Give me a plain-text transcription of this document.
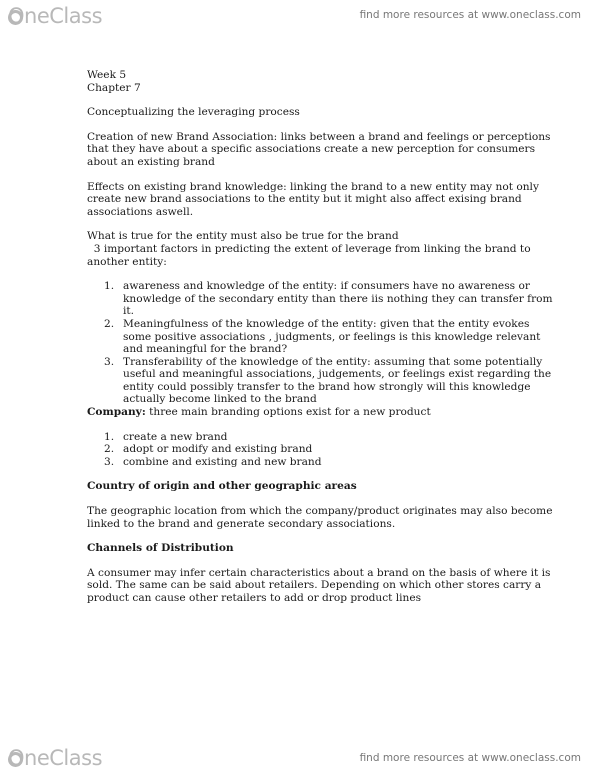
OneClass	find more resources at www.oneclass.com

Week 5

Chapter 7

Conceptualizing the leveraging process

Creation of new Brand Association: links between a brand and feelings or perceptions that they have about a specific associations create a new perception for consumers about an existing brand

Effects on existing brand knowledge: linking the brand to a new entity may not only create new brand associations to the entity but it might also affect exising brand associations aswell.

What is true for the entity must also be true for the brand

3 important factors in predicting the extent of leverage from linking the brand to another entity:

1. awareness and knowledge of the entity: if consumers have no awareness or knowledge of the secondary entity than there iis nothing they can transfer from it.
2. Meaningfulness of the knowledge of the entity: given that the entity evokes some positive associations , judgments, or feelings is this knowledge relevant and meaningful for the brand?
3. Transferability of the knowledge of the entity: assuming that some potentially useful and meaningful associations, judgements, or feelings exist regarding the entity could possibly transfer to the brand how strongly will this knowledge actually become linked to the brand

Company: three main branding options exist for a new product

1. create a new brand
2. adopt or modify and existing brand
3. combine and existing and new brand

Country of origin and other geographic areas

The geographic location from which the company/product originates may also become linked to the brand and generate secondary associations.

Channels of Distribution

A consumer may infer certain characteristics about a brand on the basis of where it is sold. The same can be said about retailers. Depending on which other stores carry a product can cause other retailers to add or drop product lines

OneClass	find more resources at www.oneclass.com
